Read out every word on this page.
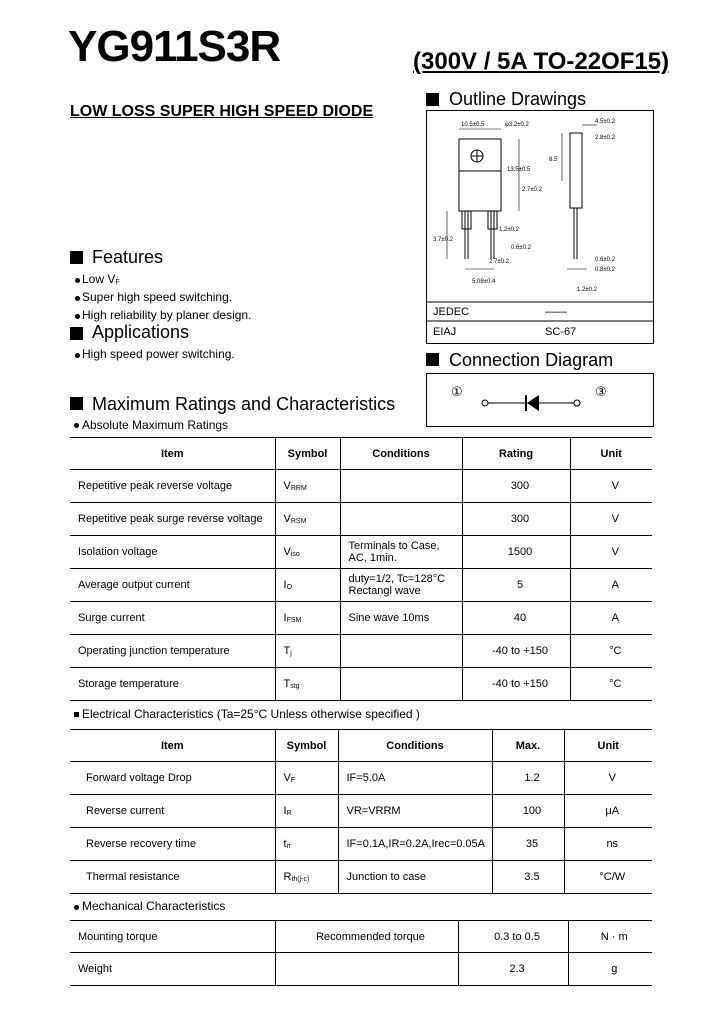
YG911S3R	(300V / 5A TO-22OF15)
LOW LOSS SUPER HIGH SPEED DIODE
Outline Drawings
10.5±0.5	φ3.2±0.2	4.5±0.2
2.8±0.2
13.5±0.5
2.7±0.2
3.7±0.2
1.2±0.2
0.6±0.2
2.7±0.2
5.08±0.4
0.6±0.2
8.5
0.8±0.2
1.2±0.2
JEDEC	——
EIAJ	SC-67
Connection Diagram
①	③
Features
Low VF
Super high speed switching.
High reliability by planer design.
Applications
High speed power switching.
Maximum Ratings and Characteristics
Absolute Maximum Ratings
Item	Symbol	Conditions	Rating	Unit
Repetitive peak reverse voltage	VRRM		300	V
Repetitive peak surge reverse voltage	VRSM		300	V
Isolation voltage	Viso	Terminals to Case,
AC, 1min.	1500	V
Average output current	IO	duty=1/2, Tc=128°C
Rectangl wave	5	A
Surge current	IFSM	Sine wave 10ms	40	A
Operating junction temperature	Tj		-40 to +150	°C
Storage temperature	Tstg		-40 to +150	°C
Electrical Characteristics (Ta=25°C Unless otherwise specified )
Item	Symbol	Conditions	Max.	Unit
Forward voltage Drop	VF	IF=5.0A	1.2	V
Reverse current	IR	VR=VRRM	100	μA
Reverse recovery time	trr	IF=0.1A,IR=0.2A,Irec=0.05A	35	ns
Thermal resistance	Rth(j-c)	Junction to case	3.5	°C/W
Mechanical Characteristics
Mounting torque	Recommended torque	0.3 to 0.5	N · m
Weight		2.3	g
